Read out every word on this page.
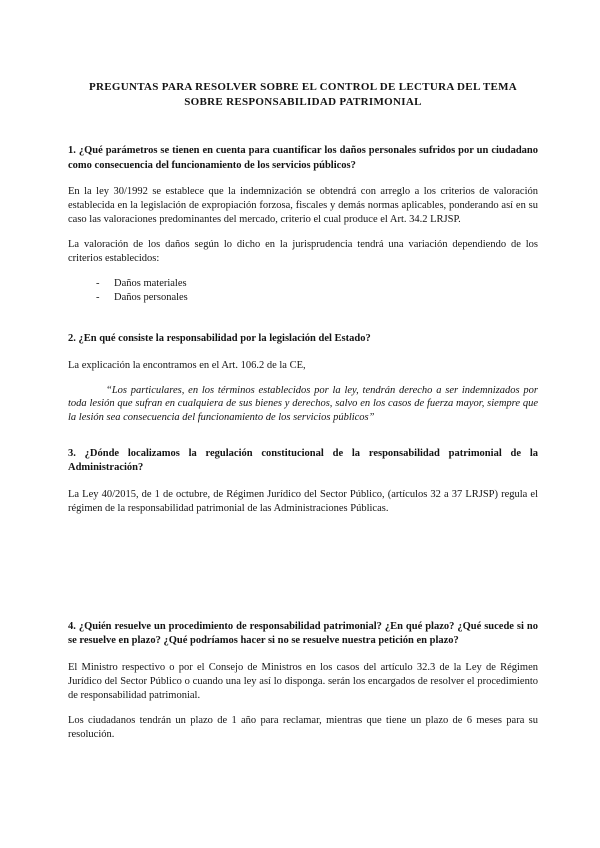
PREGUNTAS PARA RESOLVER SOBRE EL CONTROL DE LECTURA DEL TEMA
SOBRE RESPONSABILIDAD PATRIMONIAL

1. ¿Qué parámetros se tienen en cuenta para cuantificar los daños personales sufridos por un ciudadano como consecuencia del funcionamiento de los servicios públicos?

En la ley 30/1992 se establece que la indemnización se obtendrá con arreglo a los criterios de valoración establecida en la legislación de expropiación forzosa, fiscales y demás normas aplicables, ponderando así en su caso las valoraciones predominantes del mercado, criterio el cual produce el Art. 34.2 LRJSP.

La valoración de los daños según lo dicho en la jurisprudencia tendrá una variación dependiendo de los criterios establecidos:

- Daños materiales
- Daños personales

2. ¿En qué consiste la responsabilidad por la legislación del Estado?

La explicación la encontramos en el Art. 106.2 de la CE,

“Los particulares, en los términos establecidos por la ley, tendrán derecho a ser indemnizados por toda lesión que sufran en cualquiera de sus bienes y derechos, salvo en los casos de fuerza mayor, siempre que la lesión sea consecuencia del funcionamiento de los servicios públicos”

3. ¿Dónde localizamos la regulación constitucional de la responsabilidad patrimonial de la Administración?

La Ley 40/2015, de 1 de octubre, de Régimen Jurídico del Sector Público, (artículos 32 a 37 LRJSP) regula el régimen de la responsabilidad patrimonial de las Administraciones Públicas.

4. ¿Quién resuelve un procedimiento de responsabilidad patrimonial? ¿En qué plazo? ¿Qué sucede si no se resuelve en plazo? ¿Qué podríamos hacer si no se resuelve nuestra petición en plazo?

El Ministro respectivo o por el Consejo de Ministros en los casos del artículo 32.3 de la Ley de Régimen Jurídico del Sector Público o cuando una ley así lo disponga. serán los encargados de resolver el procedimiento de responsabilidad patrimonial.

Los ciudadanos tendrán un plazo de 1 año para reclamar, mientras que tiene un plazo de 6 meses para su resolución.
